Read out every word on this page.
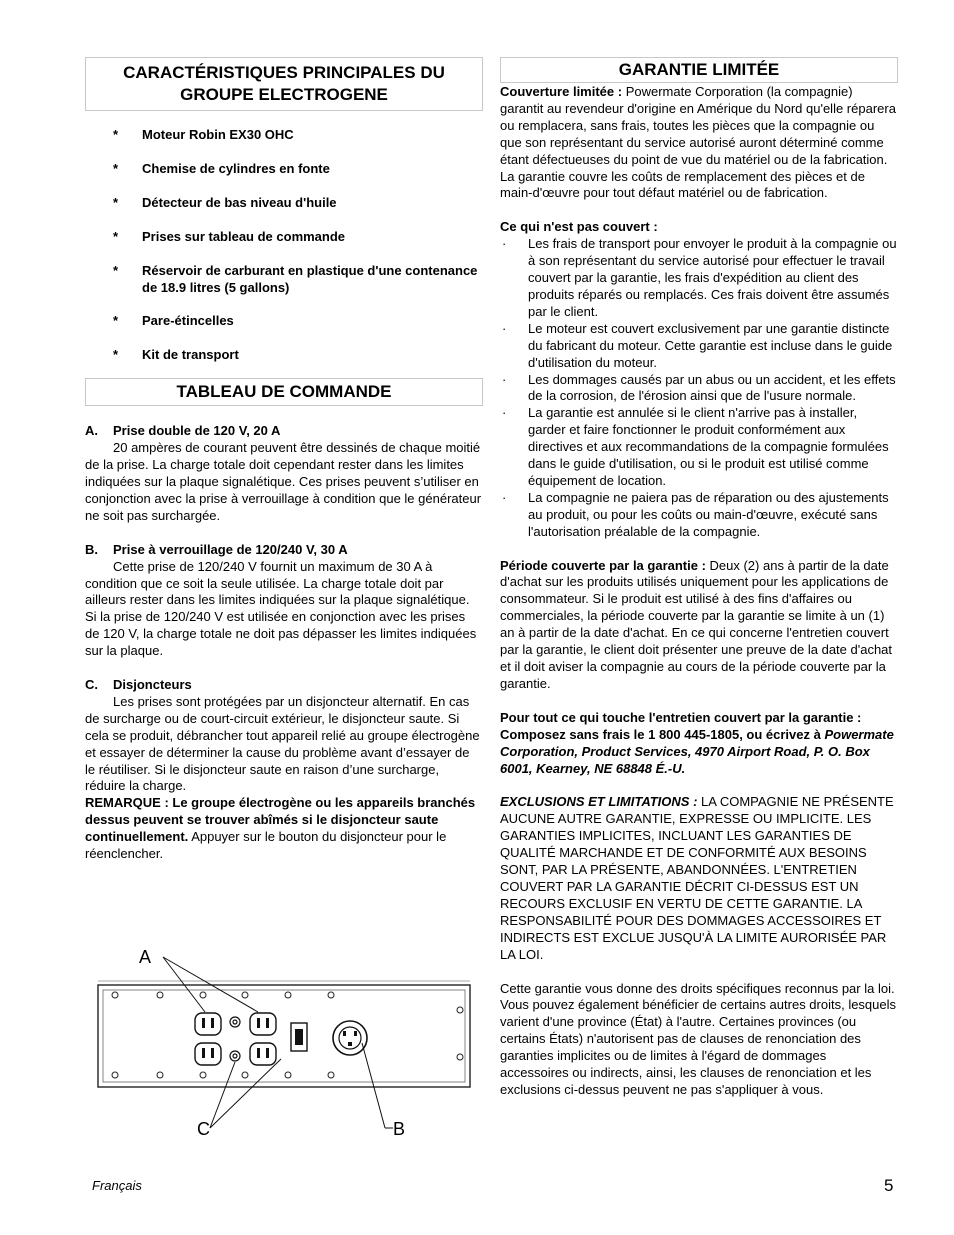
CARACTÉRISTIQUES PRINCIPALES DU GROUPE ELECTROGENE
* Moteur Robin EX30 OHC
* Chemise de cylindres en fonte
* Détecteur de bas niveau d'huile
* Prises sur tableau de commande
* Réservoir de carburant en plastique d'une contenance de 18.9 litres (5 gallons)
* Pare-étincelles
* Kit de transport
TABLEAU DE COMMANDE
A. Prise double de 120 V, 20 A

20 ampères de courant peuvent être dessinés de chaque moitié de la prise. La charge totale doit cependant rester dans les limites indiquées sur la plaque signalétique. Ces prises peuvent s’utiliser en conjonction avec la prise à verrouillage à condition que le générateur ne soit pas surchargée.

B. Prise à verrouillage de 120/240 V, 30 A

Cette prise de 120/240 V fournit un maximum de 30 A à condition que ce soit la seule utilisée. La charge totale doit par ailleurs rester dans les limites indiquées sur la plaque signalétique. Si la prise de 120/240 V est utilisée en conjonction avec les prises de 120 V, la charge totale ne doit pas dépasser les limites indiquées sur la plaque.

C. Disjoncteurs

Les prises sont protégées par un disjoncteur alternatif. En cas de surcharge ou de court-circuit extérieur, le disjoncteur saute. Si cela se produit, débrancher tout appareil relié au groupe électrogène et essayer de déterminer la cause du problème avant d’essayer de le réutiliser. Si le disjoncteur saute en raison d’une surcharge, réduire la charge.
REMARQUE : Le groupe électrogène ou les appareils branchés dessus peuvent se trouver abîmés si le disjoncteur saute continuellement. Appuyer sur le bouton du disjoncteur pour le réenclencher.

A
C	B
GARANTIE LIMITÉE

Couverture limitée : Powermate Corporation (la compagnie) garantit au revendeur d'origine en Amérique du Nord qu'elle réparera ou remplacera, sans frais, toutes les pièces que la compagnie ou que son représentant du service autorisé auront déterminé comme étant défectueuses du point de vue du matériel ou de la fabrication. La garantie couvre les coûts de remplacement des pièces et de main-d'œuvre pour tout défaut matériel ou de fabrication.

Ce qui n'est pas couvert :

· Les frais de transport pour envoyer le produit à la compagnie ou à son représentant du service autorisé pour effectuer le travail couvert par la garantie, les frais d'expédition au client des produits réparés ou remplacés. Ces frais doivent être assumés par le client.
· Le moteur est couvert exclusivement par une garantie distincte du fabricant du moteur. Cette garantie est incluse dans le guide d'utilisation du moteur.
· Les dommages causés par un abus ou un accident, et les effets de la corrosion, de l'érosion ainsi que de l'usure normale.
· La garantie est annulée si le client n'arrive pas à installer, garder et faire fonctionner le produit conformément aux directives et aux recommandations de la compagnie formulées dans le guide d'utilisation, ou si le produit est utilisé comme équipement de location.
· La compagnie ne paiera pas de réparation ou des ajustements au produit, ou pour les coûts ou main-d'œuvre, exécuté sans l'autorisation préalable de la compagnie.

Période couverte par la garantie : Deux (2) ans à partir de la date d'achat sur les produits utilisés uniquement pour les applications de consommateur. Si le produit est utilisé à des fins d'affaires ou commerciales, la période couverte par la garantie se limite à un (1) an à partir de la date d'achat. En ce qui concerne l'entretien couvert par la garantie, le client doit présenter une preuve de la date d'achat et il doit aviser la compagnie au cours de la période couverte par la garantie.

Pour tout ce qui touche l'entretien couvert par la garantie : Composez sans frais le 1 800 445-1805, ou écrivez à Powermate Corporation, Product Services, 4970 Airport Road, P. O. Box 6001, Kearney, NE 68848 É.-U.

EXCLUSIONS ET LIMITATIONS : LA COMPAGNIE NE PRÉSENTE AUCUNE AUTRE GARANTIE, EXPRESSE OU IMPLICITE. LES GARANTIES IMPLICITES, INCLUANT LES GARANTIES DE QUALITÉ MARCHANDE ET DE CONFORMITÉ AUX BESOINS SONT, PAR LA PRÉSENTE, ABANDONNÉES. L'ENTRETIEN COUVERT PAR LA GARANTIE DÉCRIT CI-DESSUS EST UN RECOURS EXCLUSIF EN VERTU DE CETTE GARANTIE. LA RESPONSABILITÉ POUR DES DOMMAGES ACCESSOIRES ET INDIRECTS EST EXCLUE JUSQU'À LA LIMITE AURORISÉE PAR LA LOI.

Cette garantie vous donne des droits spécifiques reconnus par la loi. Vous pouvez également bénéficier de certains autres droits, lesquels varient d'une province (État) à l'autre. Certaines provinces (ou certains États) n'autorisent pas de clauses de renonciation des garanties implicites ou de limites à l'égard de dommages accessoires ou indirects, ainsi, les clauses de renonciation et les exclusions ci-dessus peuvent ne pas s'appliquer à vous.

Français	5
